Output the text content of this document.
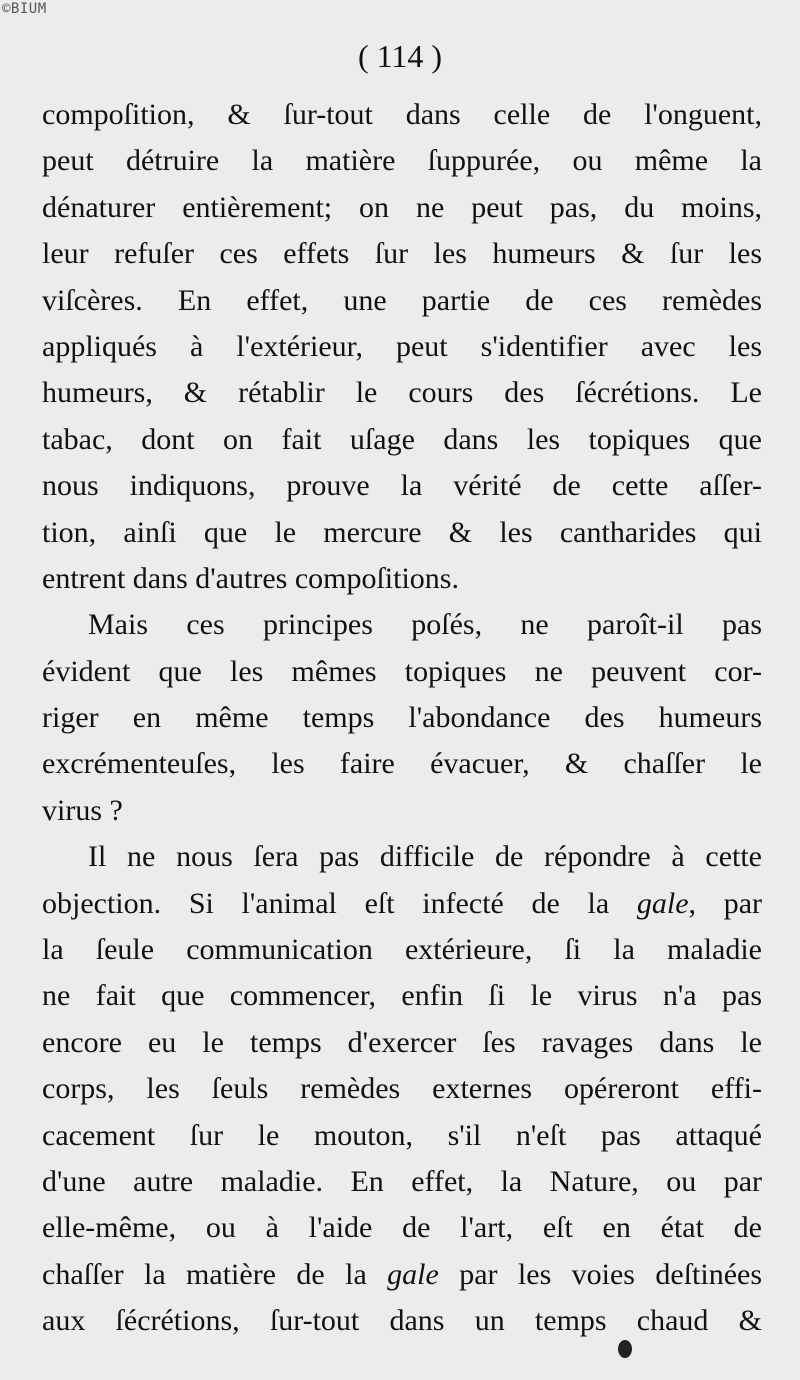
©BIUM
( 114 )
compoſition, & ſur-tout dans celle de l'onguent,
peut détruire la matière ſuppurée, ou même la
dénaturer entièrement; on ne peut pas, du moins,
leur refuſer ces effets ſur les humeurs & ſur les
viſcères. En effet, une partie de ces remèdes
appliqués à l'extérieur, peut s'identifier avec les
humeurs, & rétablir le cours des ſécrétions. Le
tabac, dont on fait uſage dans les topiques que
nous indiquons, prouve la vérité de cette aſſer-
tion, ainſi que le mercure & les cantharides qui
entrent dans d'autres compoſitions.
Mais ces principes poſés, ne paroît-il pas
évident que les mêmes topiques ne peuvent cor-
riger en même temps l'abondance des humeurs
excrémenteuſes, les faire évacuer, & chaſſer le
virus ?
Il ne nous ſera pas difficile de répondre à cette
objection. Si l'animal eſt infecté de la gale, par
la ſeule communication extérieure, ſi la maladie
ne fait que commencer, enfin ſi le virus n'a pas
encore eu le temps d'exercer ſes ravages dans le
corps, les ſeuls remèdes externes opéreront effi-
cacement ſur le mouton, s'il n'eſt pas attaqué
d'une autre maladie. En effet, la Nature, ou par
elle-même, ou à l'aide de l'art, eſt en état de
chaſſer la matière de la gale par les voies deſtinées
aux ſécrétions, ſur-tout dans un temps chaud &
